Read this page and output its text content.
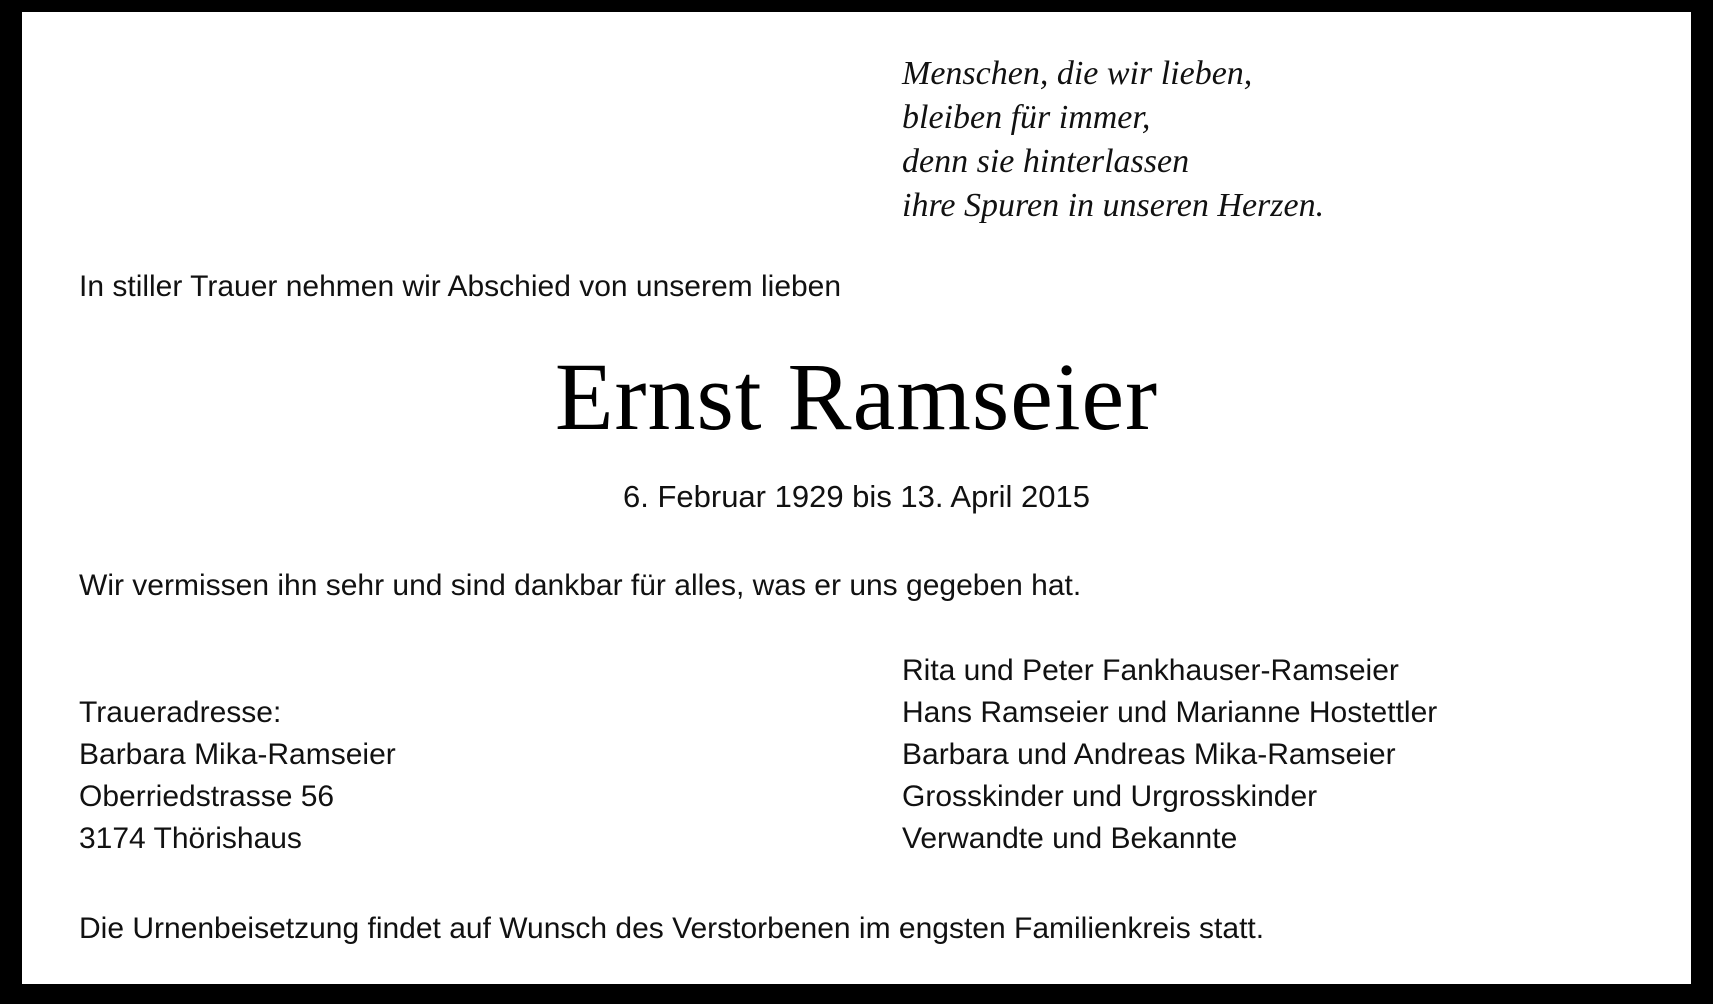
Menschen, die wir lieben,
bleiben für immer,
denn sie hinterlassen
ihre Spuren in unseren Herzen.
In stiller Trauer nehmen wir Abschied von unserem lieben
Ernst Ramseier
6. Februar 1929 bis 13. April 2015
Wir vermissen ihn sehr und sind dankbar für alles, was er uns gegeben hat.
Traueradresse:
Barbara Mika-Ramseier
Oberriedstrasse 56
3174 Thörishaus
Rita und Peter Fankhauser-Ramseier
Hans Ramseier und Marianne Hostettler
Barbara und Andreas Mika-Ramseier
Grosskinder und Urgrosskinder
Verwandte und Bekannte
Die Urnenbeisetzung findet auf Wunsch des Verstorbenen im engsten Familienkreis statt.
